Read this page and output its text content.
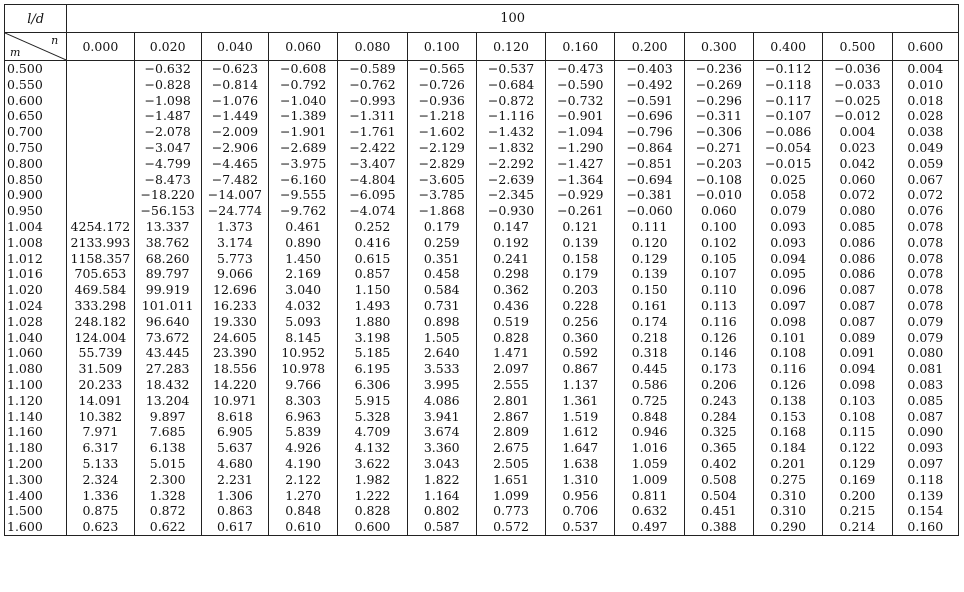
l/d	100												

n
m	0.000	0.020	0.040	0.060	0.080	0.100	0.120	0.160	0.200	0.300	0.400	0.500	0.600
0.500		−0.632	−0.623	−0.608	−0.589	−0.565	−0.537	−0.473	−0.403	−0.236	−0.112	−0.036	0.004
0.550		−0.828	−0.814	−0.792	−0.762	−0.726	−0.684	−0.590	−0.492	−0.269	−0.118	−0.033	0.010
0.600		−1.098	−1.076	−1.040	−0.993	−0.936	−0.872	−0.732	−0.591	−0.296	−0.117	−0.025	0.018
0.650		−1.487	−1.449	−1.389	−1.311	−1.218	−1.116	−0.901	−0.696	−0.311	−0.107	−0.012	0.028
0.700		−2.078	−2.009	−1.901	−1.761	−1.602	−1.432	−1.094	−0.796	−0.306	−0.086	0.004	0.038
0.750		−3.047	−2.906	−2.689	−2.422	−2.129	−1.832	−1.290	−0.864	−0.271	−0.054	0.023	0.049
0.800		−4.799	−4.465	−3.975	−3.407	−2.829	−2.292	−1.427	−0.851	−0.203	−0.015	0.042	0.059
0.850		−8.473	−7.482	−6.160	−4.804	−3.605	−2.639	−1.364	−0.694	−0.108	0.025	0.060	0.067
0.900		−18.220	−14.007	−9.555	−6.095	−3.785	−2.345	−0.929	−0.381	−0.010	0.058	0.072	0.072
0.950		−56.153	−24.774	−9.762	−4.074	−1.868	−0.930	−0.261	−0.060	0.060	0.079	0.080	0.076
1.004	4254.172	13.337	1.373	0.461	0.252	0.179	0.147	0.121	0.111	0.100	0.093	0.085	0.078
1.008	2133.993	38.762	3.174	0.890	0.416	0.259	0.192	0.139	0.120	0.102	0.093	0.086	0.078
1.012	1158.357	68.260	5.773	1.450	0.615	0.351	0.241	0.158	0.129	0.105	0.094	0.086	0.078
1.016	705.653	89.797	9.066	2.169	0.857	0.458	0.298	0.179	0.139	0.107	0.095	0.086	0.078
1.020	469.584	99.919	12.696	3.040	1.150	0.584	0.362	0.203	0.150	0.110	0.096	0.087	0.078
1.024	333.298	101.011	16.233	4.032	1.493	0.731	0.436	0.228	0.161	0.113	0.097	0.087	0.078
1.028	248.182	96.640	19.330	5.093	1.880	0.898	0.519	0.256	0.174	0.116	0.098	0.087	0.079
1.040	124.004	73.672	24.605	8.145	3.198	1.505	0.828	0.360	0.218	0.126	0.101	0.089	0.079
1.060	55.739	43.445	23.390	10.952	5.185	2.640	1.471	0.592	0.318	0.146	0.108	0.091	0.080
1.080	31.509	27.283	18.556	10.978	6.195	3.533	2.097	0.867	0.445	0.173	0.116	0.094	0.081
1.100	20.233	18.432	14.220	9.766	6.306	3.995	2.555	1.137	0.586	0.206	0.126	0.098	0.083
1.120	14.091	13.204	10.971	8.303	5.915	4.086	2.801	1.361	0.725	0.243	0.138	0.103	0.085
1.140	10.382	9.897	8.618	6.963	5.328	3.941	2.867	1.519	0.848	0.284	0.153	0.108	0.087
1.160	7.971	7.685	6.905	5.839	4.709	3.674	2.809	1.612	0.946	0.325	0.168	0.115	0.090
1.180	6.317	6.138	5.637	4.926	4.132	3.360	2.675	1.647	1.016	0.365	0.184	0.122	0.093
1.200	5.133	5.015	4.680	4.190	3.622	3.043	2.505	1.638	1.059	0.402	0.201	0.129	0.097
1.300	2.324	2.300	2.231	2.122	1.982	1.822	1.651	1.310	1.009	0.508	0.275	0.169	0.118
1.400	1.336	1.328	1.306	1.270	1.222	1.164	1.099	0.956	0.811	0.504	0.310	0.200	0.139
1.500	0.875	0.872	0.863	0.848	0.828	0.802	0.773	0.706	0.632	0.451	0.310	0.215	0.154
1.600	0.623	0.622	0.617	0.610	0.600	0.587	0.572	0.537	0.497	0.388	0.290	0.214	0.160
